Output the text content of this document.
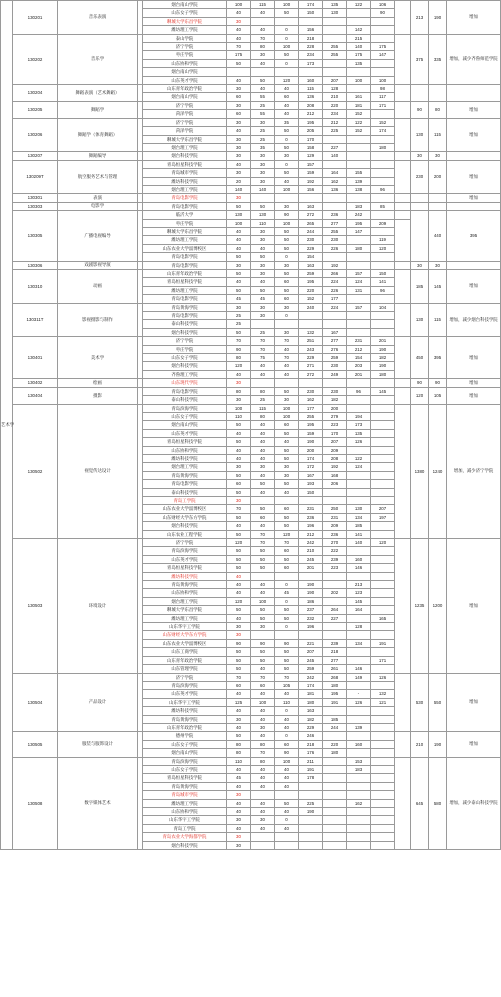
艺术学	130201	音乐表演		烟台南山学院	100	115	100	174	135	122	106		213	190	增加	
				山东女子学院	40	40	50	150	130		90					
				聊城大学东昌学院	30											
				潍坊理工学院	40	40	0	156		142						
	130202	音乐学		泰山学院	40	70	0	218		215			375	335	增加，减少齐鲁师范学院	
				济宁学院	70	80	100	228	255	140	175					
				枣庄学院	175	30	50	234	255	175	147					
				山东协和学院	50	40	0	173		135						
				烟台南山学院												
				山东英才学院	40	50	120	160	207	100	100					
	130204	舞蹈表演（艺术舞蹈）		山东青年政治学院	30	40	40	115	128		98					
				烟台南山学院	60	55	60	136	210	161	117					
	130205	舞蹈学		济宁学院	30	25	40	208	220	181	171		90	80	增加	
				菏泽学院	60	55	40	212	234	152						
	130206	舞蹈学（体育舞蹈）		济宁学院	30	30	35	195	212	122	152		130	115	增加	
				菏泽学院	40	25	50	205	225	152	174					
				聊城大学东昌学院	30	25	0	170								
				烟台理工学院	30	35	50	158	227		180					
	130207	舞蹈编导		烟台科技学院	30	30	30	129	140				30	30		
	130209T	航空服务艺术与管理		青岛恒星科技学院	40	30	0	157					230	200	增加	
				青岛城市学院	30	30	50	159	164	155						
				潍坊科技学院	20	30	40	192	162	139						
				烟台理工学院	140	140	100	156	136	138	96					
	130301	表演		青岛电影学院	30										增加	
	130303	电影学		青岛电影学院	50	50	30	163		183	85					
	130305	广播电视编导		临沂大学	130	130	90	272	236	242				440	395	
				枣庄学院	100	110	100	265	277	195	209					
				聊城大学东昌学院	40	30	50	244	255	147						
				潍坊理工学院	40	30	50	230	230		119					
				山东农业大学淄博校区	40	40	50	229	226	180	120					
				青岛电影学院	50	50	0	154								
	130306	戏剧影视导演		青岛电影学院	30	30	30	163	192				30	30		
	130310	动画		山东青年政治学院	50	30	50	259	266	157	150		185	145	增加	
				青岛恒星科技学院	40	40	60	195	224	124	141					
				潍坊理工学院	50	50	50	220	226	131	96					
				青岛电影学院	45	45	60	152	177							
	130311T	影视摄影与制作		青岛黄海学院	30	30	30	240	224	157	104		130	115	增加，减少烟台科技学院	
				青岛电影学院	25	30	0									
				泰山科技学院	25											
				烟台科技学院	50	25	30	132	167							
	130401	美术学		济宁学院	70	70	70	251	277	231	201		450	395	增加	
				枣庄学院	90	70	40	243	276	212	190					
				山东女子学院	80	75	70	229	259	154	182					
				烟台科技学院	120	40	40	271	230	203	190					
				齐鲁理工学院	40	40	40	272	249	201	180					
	130402	绘画		山东现代学院	30								90	90	增加	
	130404	摄影		青岛电影学院	80	80	50	230	230	96	145		120	105	增加	
				泰山科技学院	30	25	30	162	182							
	130502	视觉传达设计		青岛滨海学院	100	115	100	177	200				1380	1240	增加，减少济宁学院	
				山东女子学院	110	80	100	255	279	194						
				烟台南山学院	50	40	60	195	223	173						
				山东英才学院	40	40	50	159	170	135						
				青岛恒星科技学院	50	40	40	190	207	126						
				山东协和学院	40	40	50	200	209							
				潍坊科技学院	40	40	50	174	208	122						
				烟台理工学院	30	30	30	172	192	124						
				青岛黄海学院	50	40	30	167	168							
				青岛电影学院	60	50	50	193	206							
				泰山科技学院	50	40	40	150								
				青岛工学院	30											
				山东农业大学淄博校区	70	50	60	231	250	130	207					
				山东财经大学东方学院	50	60	50	236	231	134	197					
				烟台科技学院	40	40	50	196	209	185						
				山东农业工程学院	50	70	120	212	236	141						
	130503	环境设计		济宁学院	120	70	70	242	270	140	120		1235	1200	增加	
				青岛滨海学院	50	50	60	210	222							
				山东英才学院	50	50	50	245	239	160						
				青岛恒星科技学院	50	50	60	201	223	146						
				潍坊科技学院	40											
				青岛黄海学院	40	40	0	190		213						
				山东协和学院	40	40	45	190	202	123						
				烟台理工学院	120	100	0	186		145						
				聊城大学东昌学院	50	50	50	237	264	164						
				潍坊理工学院	40	50	50	232	227		165					
				山东华宇工学院	30	30	0	196		128						
				山东财经大学东方学院	30											
				山东农业大学淄博校区	90	90	90	221	239	134	191					
				山东工商学院	50	50	50	207	218							
				山东青年政治学院	50	50	50	245	277		171					
				山东管理学院	50	40	50	259	261	146						
	130504	产品设计		济宁学院	70	70	70	242	268	149	126		530	550	增加	
				青岛滨海学院	60	60	105	174	180							
				山东英才学院	40	40	40	181	195	-	132					
				山东华宇工学院	125	100	110	180	191	126	121					
				潍坊科技学院	40	40	0	163								
				青岛黄海学院	30	40	40	182	185							
				山东青年政治学院	40	30	40	229	244	139						
	130505	服装与服饰设计		德州学院	50	40	0	246					210	190	增加	
				山东女子学院	80	80	60	218	220	160						
				烟台南山学院	80	70	90	176	180							
	130508	数字媒体艺术		青岛滨海学院	110	80	100	211		153			645	580	增加，减少泰山科技学院	
				山东女子学院	40	40	40	191		183						
				青岛恒星科技学院	45	40	40	178								
				青岛黄海学院	40	40	40									
				青岛城市学院	30											
				潍坊理工学院	40	40	50	225		162						
				山东协和学院	40	40	40	190								
				山东华宇工学院	30	30	0									
				青岛工学院	40	40	40									
				青岛农业大学海都学院	30											
				烟台科技学院	30											
